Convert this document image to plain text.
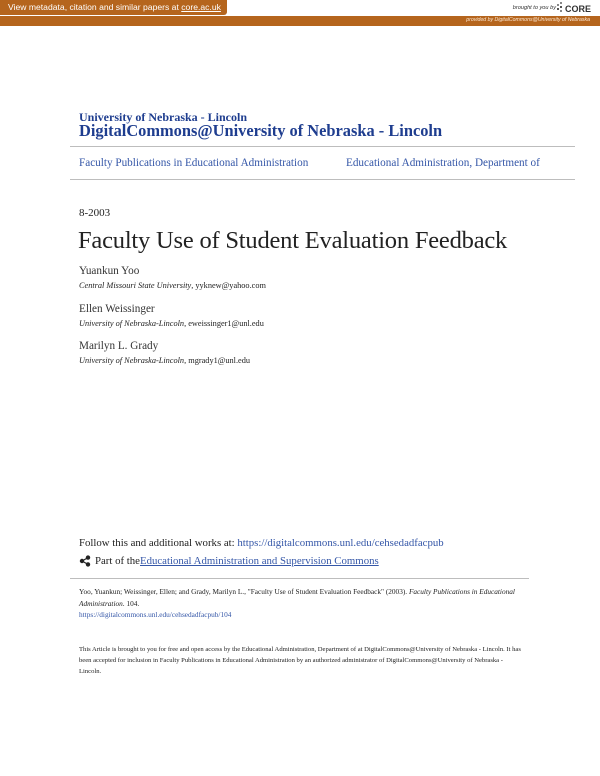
View metadata, citation and similar papers at core.ac.uk	brought to you by CORE
provided by DigitalCommons@University of Nebraska
University of Nebraska - Lincoln
DigitalCommons@University of Nebraska - Lincoln
Faculty Publications in Educational Administration	Educational Administration, Department of
8-2003
Faculty Use of Student Evaluation Feedback
Yuankun Yoo
Central Missouri State University, yyknew@yahoo.com
Ellen Weissinger
University of Nebraska-Lincoln, eweissinger1@unl.edu
Marilyn L. Grady
University of Nebraska-Lincoln, mgrady1@unl.edu
Follow this and additional works at: https://digitalcommons.unl.edu/cehsedadfacpub
Part of the Educational Administration and Supervision Commons
Yoo, Yuankun; Weissinger, Ellen; and Grady, Marilyn L., "Faculty Use of Student Evaluation Feedback" (2003). Faculty Publications in Educational Administration. 104.
https://digitalcommons.unl.edu/cehsedadfacpub/104
This Article is brought to you for free and open access by the Educational Administration, Department of at DigitalCommons@University of Nebraska - Lincoln. It has been accepted for inclusion in Faculty Publications in Educational Administration by an authorized administrator of DigitalCommons@University of Nebraska - Lincoln.
